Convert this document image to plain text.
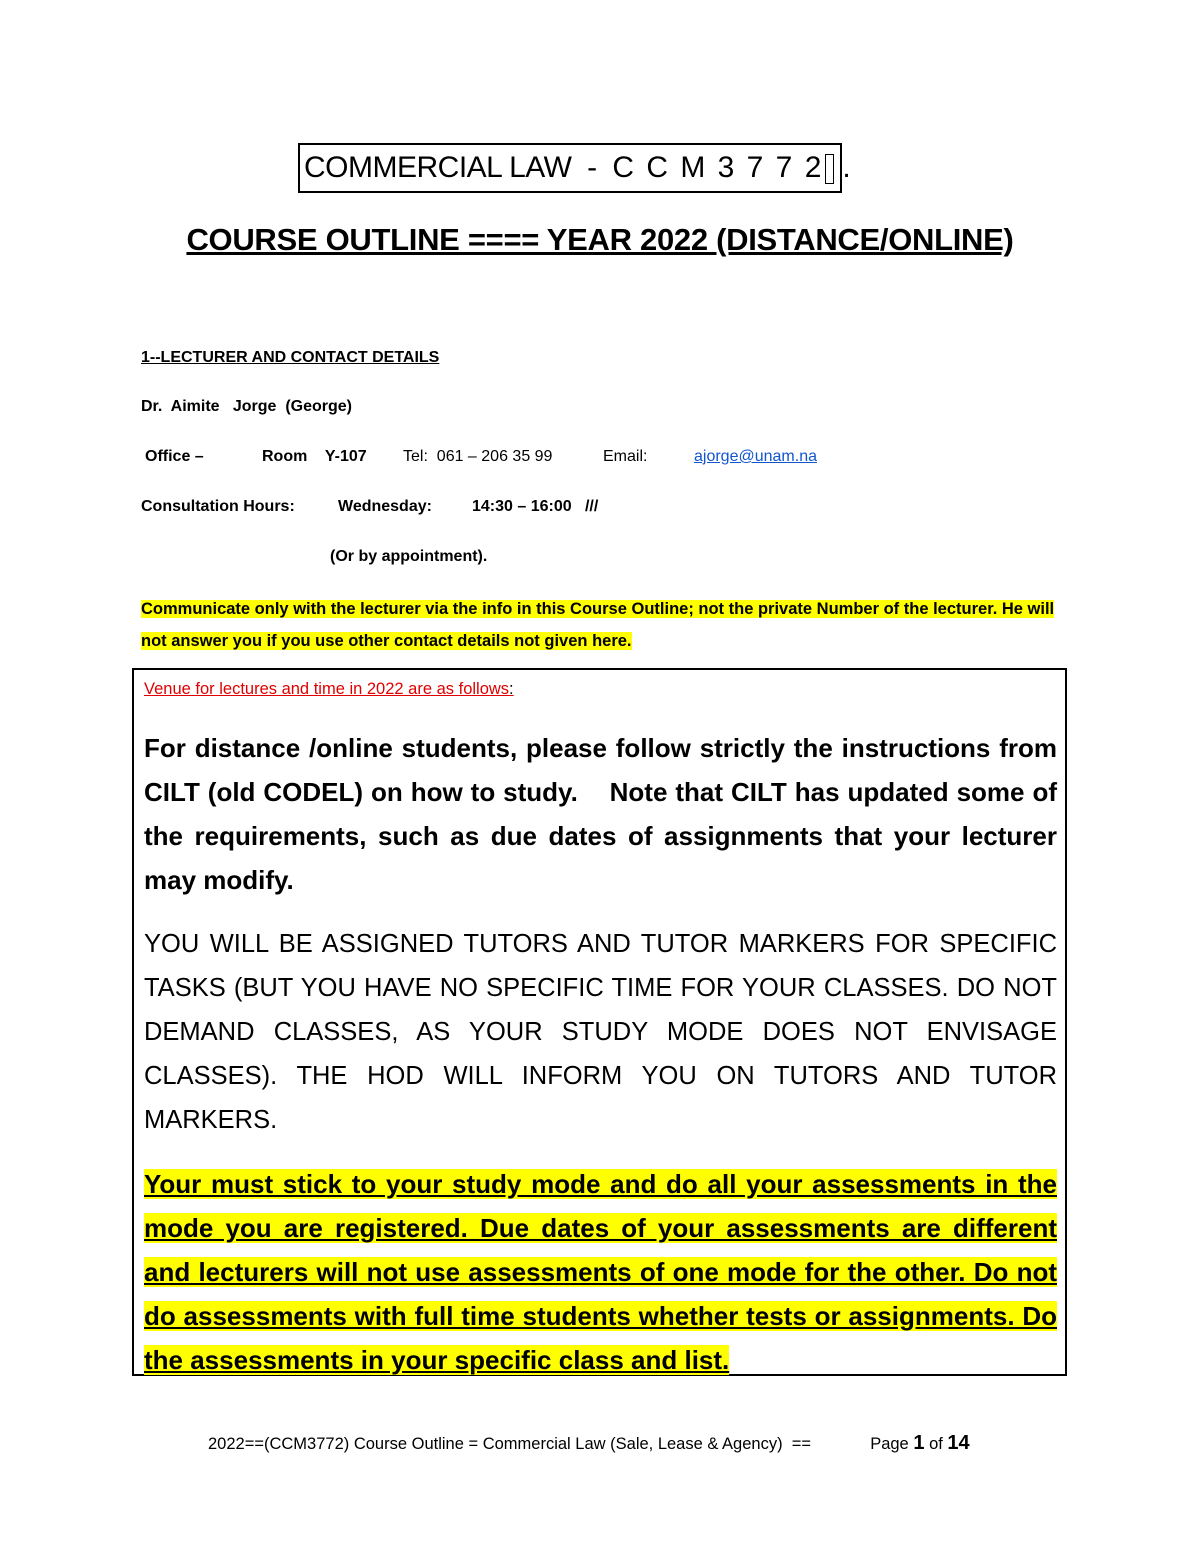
COMMERCIAL LAW  -  C C M 3 7 7 2 .
COURSE OUTLINE ==== YEAR 2022 (DISTANCE/ONLINE)
1--LECTURER AND CONTACT DETAILS
Dr.  Aimite   Jorge  (George)
Office –	Room    Y-107 Tel:  061 – 206 35 99	Email:	ajorge@unam.na
Consultation Hours:	Wednesday:	14:30 – 16:00   ///
(Or by appointment).
Communicate only with the lecturer via the info in this Course Outline; not the private Number of the lecturer. He will not answer you if you use other contact details not given here.
Venue for lectures and time in 2022 are as follows:
For distance /online students, please follow strictly the instructions from CILT (old CODEL) on how to study.    Note that CILT has updated some of the requirements, such as due dates of assignments that your lecturer may modify.
YOU WILL BE ASSIGNED TUTORS AND TUTOR MARKERS FOR SPECIFIC TASKS (BUT YOU HAVE NO SPECIFIC TIME FOR YOUR CLASSES. DO NOT DEMAND CLASSES, AS YOUR STUDY MODE DOES NOT ENVISAGE CLASSES). THE HOD WILL INFORM YOU ON TUTORS AND TUTOR MARKERS.
Your must stick to your study mode and do all your assessments in the mode you are registered. Due dates of your assessments are different and lecturers will not use assessments of one mode for the other. Do not do assessments with full time students whether tests or assignments. Do the assessments in your specific class and list.
2022==(CCM3772) Course Outline = Commercial Law (Sale, Lease & Agency)  ==	Page 1 of 14
